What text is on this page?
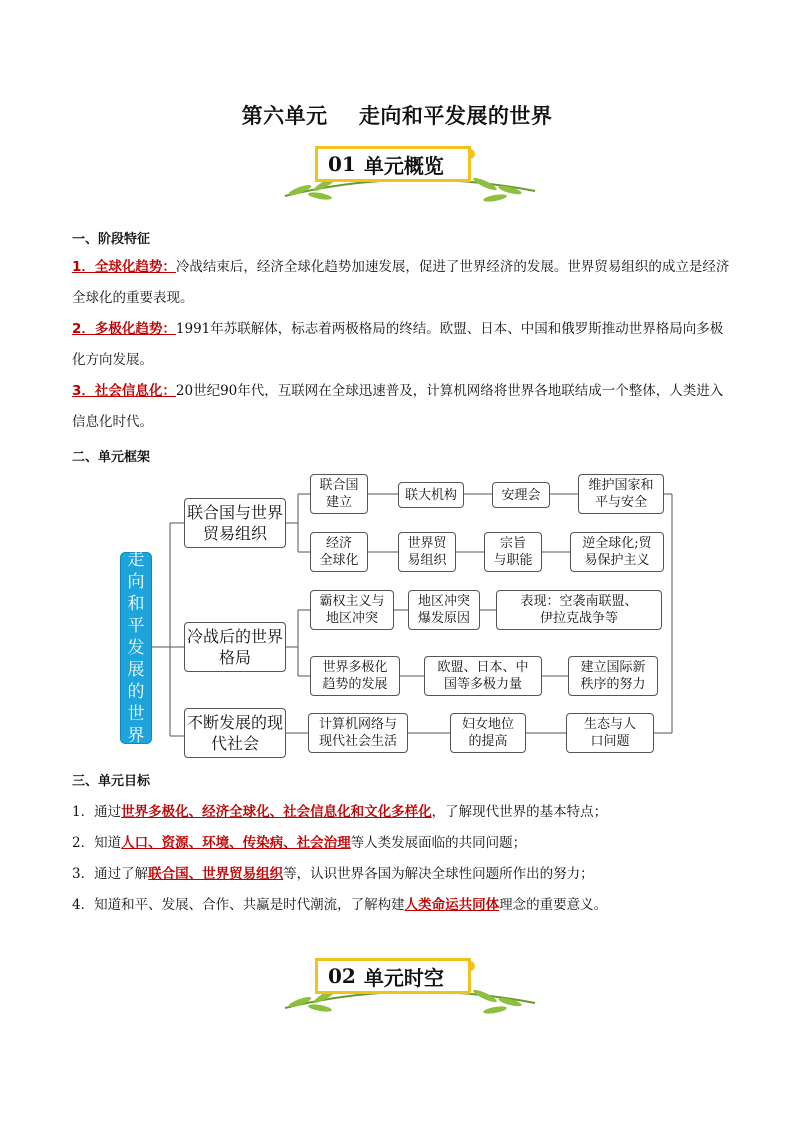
第六单元    走向和平发展的世界
01 单元概览
一、阶段特征
1．全球化趋势：冷战结束后，经济全球化趋势加速发展，促进了世界经济的发展。世界贸易组织的成立是经济全球化的重要表现。
2．多极化趋势：1991年苏联解体，标志着两极格局的终结。欧盟、日本、中国和俄罗斯推动世界格局向多极化方向发展。
3．社会信息化：20世纪90年代，互联网在全球迅速普及，计算机网络将世界各地联结成一个整体，人类进入信息化时代。
二、单元框架
走向和平发展的世界
联合国与世界贸易组织
冷战后的世界格局
不断发展的现代社会
联合国
建立	联大机构	安理会
维护国家和
平与安全
经济
全球化
世界贸
易组织
宗旨
与职能
逆全球化;贸
易保护主义
霸权主义与
地区冲突
地区冲突
爆发原因
表现：空袭南联盟、
伊拉克战争等
世界多极化
趋势的发展
欧盟、日本、中
国等多极力量
建立国际新
秩序的努力
计算机网络与
现代社会生活
妇女地位
的提高
生态与人
口问题
三、单元目标
1．通过世界多极化、经济全球化、社会信息化和文化多样化，了解现代世界的基本特点；
2．知道人口、资源、环境、传染病、社会治理等人类发展面临的共同问题；
3．通过了解联合国、世界贸易组织等，认识世界各国为解决全球性问题所作出的努力；
4．知道和平、发展、合作、共赢是时代潮流，了解构建人类命运共同体理念的重要意义。
02 单元时空
